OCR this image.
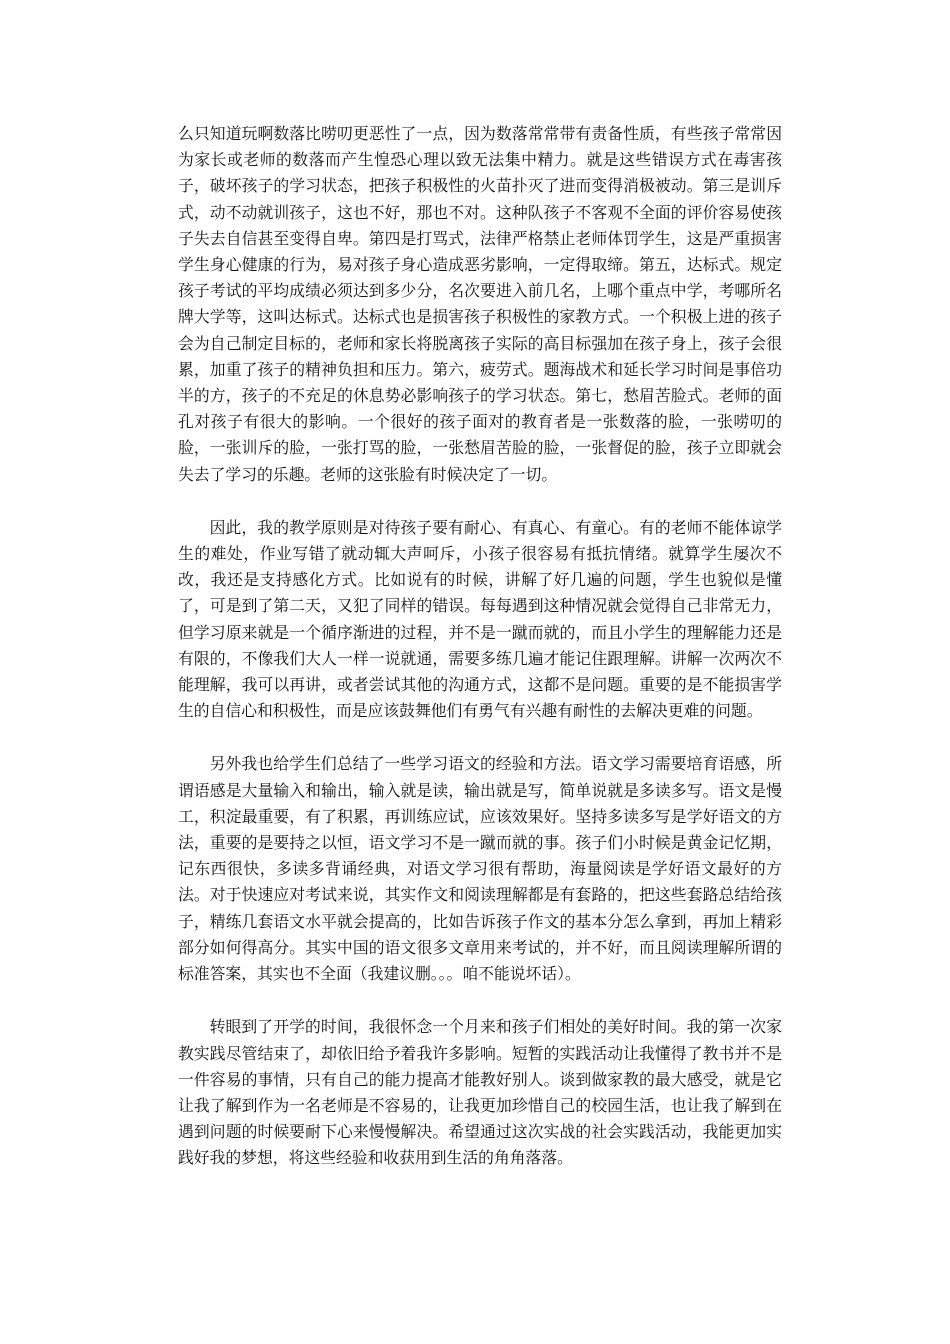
么只知道玩啊数落比唠叨更恶性了一点，因为数落常常带有责备性质，有些孩子常常因为家长或老师的数落而产生惶恐心理以致无法集中精力。就是这些错误方式在毒害孩子，破坏孩子的学习状态，把孩子积极性的火苗扑灭了进而变得消极被动。第三是训斥式，动不动就训孩子，这也不好，那也不对。这种队孩子不客观不全面的评价容易使孩子失去自信甚至变得自卑。第四是打骂式，法律严格禁止老师体罚学生，这是严重损害学生身心健康的行为，易对孩子身心造成恶劣影响，一定得取缔。第五，达标式。规定孩子考试的平均成绩必须达到多少分，名次要进入前几名，上哪个重点中学，考哪所名牌大学等，这叫达标式。达标式也是损害孩子积极性的家教方式。一个积极上进的孩子会为自己制定目标的，老师和家长将脱离孩子实际的高目标强加在孩子身上，孩子会很累，加重了孩子的精神负担和压力。第六，疲劳式。题海战术和延长学习时间是事倍功半的方，孩子的不充足的休息势必影响孩子的学习状态。第七，愁眉苦脸式。老师的面孔对孩子有很大的影响。一个很好的孩子面对的教育者是一张数落的脸，一张唠叨的脸，一张训斥的脸，一张打骂的脸，一张愁眉苦脸的脸，一张督促的脸，孩子立即就会失去了学习的乐趣。老师的这张脸有时候决定了一切。

因此，我的教学原则是对待孩子要有耐心、有真心、有童心。有的老师不能体谅学生的难处，作业写错了就动辄大声呵斥，小孩子很容易有抵抗情绪。就算学生屡次不改，我还是支持感化方式。比如说有的时候，讲解了好几遍的问题，学生也貌似是懂了，可是到了第二天，又犯了同样的错误。每每遇到这种情况就会觉得自己非常无力，但学习原来就是一个循序渐进的过程，并不是一蹴而就的，而且小学生的理解能力还是有限的，不像我们大人一样一说就通，需要多练几遍才能记住跟理解。讲解一次两次不能理解，我可以再讲，或者尝试其他的沟通方式，这都不是问题。重要的是不能损害学生的自信心和积极性，而是应该鼓舞他们有勇气有兴趣有耐性的去解决更难的问题。

另外我也给学生们总结了一些学习语文的经验和方法。语文学习需要培育语感，所谓语感是大量输入和输出，输入就是读，输出就是写，简单说就是多读多写。语文是慢工，积淀最重要，有了积累，再训练应试，应该效果好。坚持多读多写是学好语文的方法，重要的是要持之以恒，语文学习不是一蹴而就的事。孩子们小时候是黄金记忆期，记东西很快，多读多背诵经典，对语文学习很有帮助，海量阅读是学好语文最好的方法。对于快速应对考试来说，其实作文和阅读理解都是有套路的，把这些套路总结给孩子，精练几套语文水平就会提高的，比如告诉孩子作文的基本分怎么拿到，再加上精彩部分如何得高分。其实中国的语文很多文章用来考试的，并不好，而且阅读理解所谓的标准答案，其实也不全面（我建议删。。。咱不能说坏话）。

转眼到了开学的时间，我很怀念一个月来和孩子们相处的美好时间。我的第一次家教实践尽管结束了，却依旧给予着我许多影响。短暂的实践活动让我懂得了教书并不是一件容易的事情，只有自己的能力提高才能教好别人。谈到做家教的最大感受，就是它让我了解到作为一名老师是不容易的，让我更加珍惜自己的校园生活，也让我了解到在遇到问题的时候要耐下心来慢慢解决。希望通过这次实战的社会实践活动，我能更加实践好我的梦想，将这些经验和收获用到生活的角角落落。
